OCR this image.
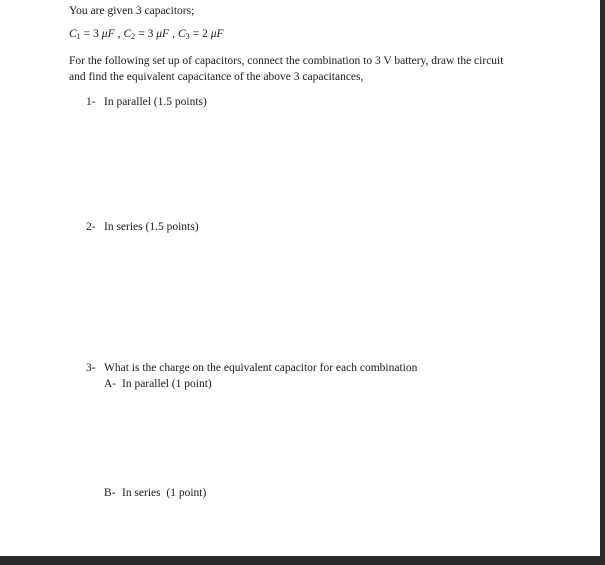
You are given 3 capacitors;
$C_1 = 3$ μF , $C_2 = 3$ μF , $C_3 = 2$ μF
For the following set up of capacitors, connect the combination to 3 V battery, draw the circuit
and find the equivalent capacitance of the above 3 capacitances,
1- In parallel (1.5 points)
2- In series (1.5 points)
3- What is the charge on the equivalent capacitor for each combination
A- In parallel (1 point)
B- In series  (1 point)
